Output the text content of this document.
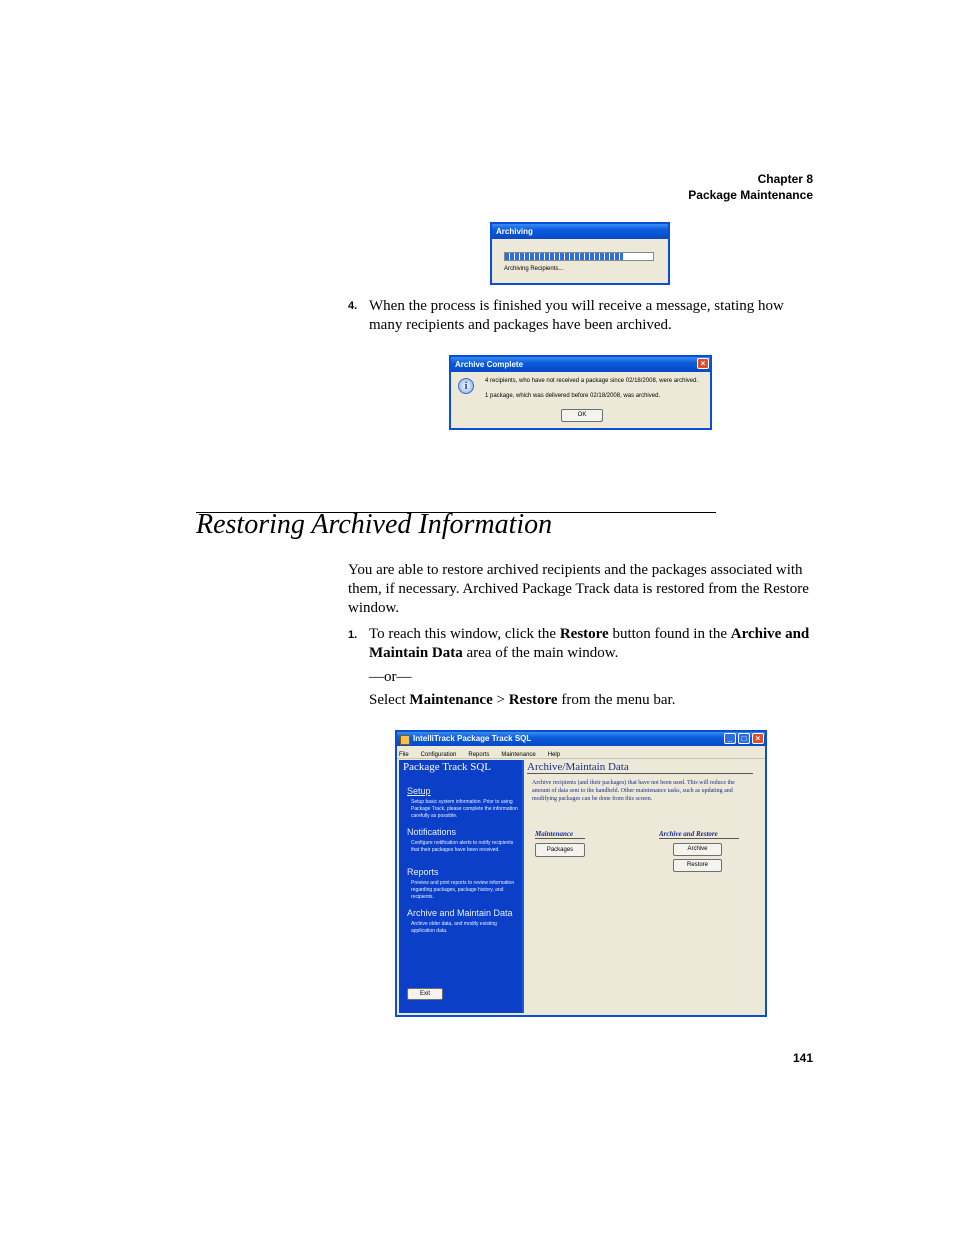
Chapter 8
Package Maintenance
Archiving
Archiving Recipients...
4. When the process is finished you will receive a message, stating how many recipients and packages have been archived.
Archive Complete	×
i	4 recipients, who have not received a package since 02/18/2008, were archived.
1 package, which was delivered before 02/18/2008, was archived.
OK
Restoring Archived Information
You are able to restore archived recipients and the packages associated with them, if necessary. Archived Package Track data is restored from the Restore window.
1. To reach this window, click the Restore button found in the Archive and Maintain Data area of the main window.
—or—
Select Maintenance > Restore from the menu bar.
IntelliTrack Package Track SQL	_	□	×
File Configuration Reports Maintenance Help
Package Track SQL
Setup
Setup basic system information. Prior to using Package Track, please complete the information carefully as possible.
Notifications
Configure notification alerts to notify recipients that their packages have been received.
Reports
Preview and print reports to review information regarding packages, package history, and recipients.
Archive and Maintain Data
Archive older data, and modify existing application data.
Exit
Archive/Maintain Data
Archive recipients (and their packages) that have not been used. This will reduce the amount of data sent to the handheld. Other maintenance tasks, such as updating and modifying packages can be done from this screen.
Maintenance
Packages
Archive and Restore
Archive
Restore
141
